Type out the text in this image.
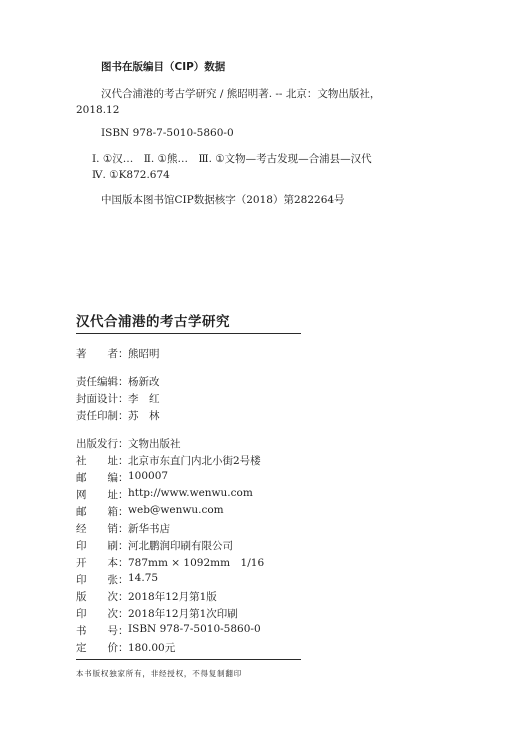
图书在版编目（CIP）数据
汉代合浦港的考古学研究 / 熊昭明著. -- 北京：文物出版社，
2018.12
ISBN 978-7-5010-5860-0
Ⅰ. ①汉…　Ⅱ. ①熊…　Ⅲ. ①文物—考古发现—合浦县—汉代
Ⅳ. ①K872.674
中国版本图书馆CIP数据核字（2018）第282264号
汉代合浦港的考古学研究
著　　者： 熊昭明
责任编辑： 杨新改
封面设计： 李　红
责任印制： 苏　林
出版发行： 文物出版社
社　　址： 北京市东直门内北小街2号楼
邮　　编： 100007
网　　址： http://www.wenwu.com
邮　　箱： web@wenwu.com
经　　销： 新华书店
印　　刷： 河北鹏润印刷有限公司
开　　本： 787mm × 1092mm　1/16
印　　张： 14.75
版　　次： 2018年12月第1版
印　　次： 2018年12月第1次印刷
书　　号： ISBN 978-7-5010-5860-0
定　　价： 180.00元
本书版权独家所有，非经授权，不得复制翻印
